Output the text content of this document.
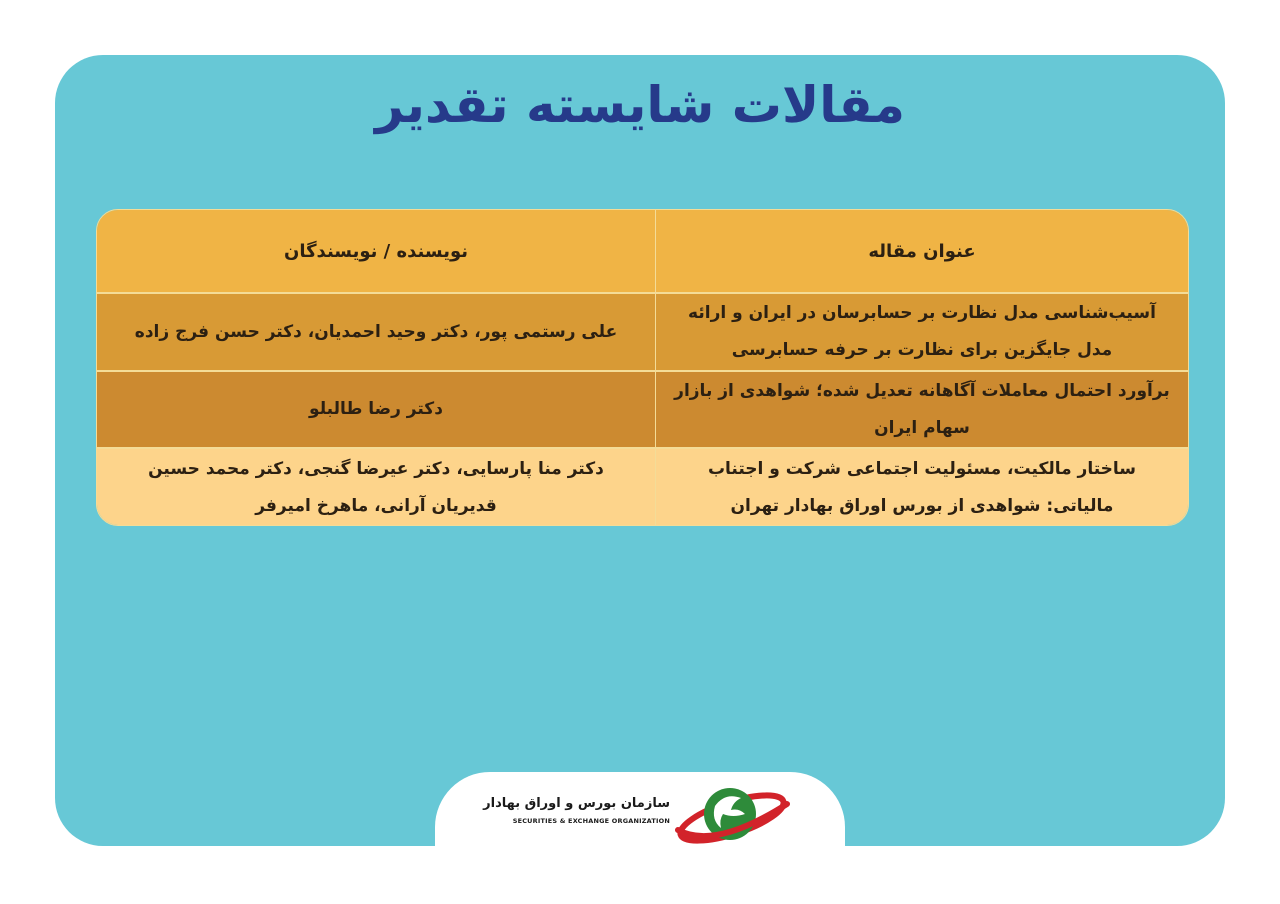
مقالات شایسته تقدیر
عنوان مقاله
نویسنده / نویسندگان
آسیب‌شناسی مدل نظارت بر حسابرسان در ایران و ارائه مدل جایگزین برای نظارت بر حرفه حسابرسی
علی رستمی پور، دکتر وحید احمدیان، دکتر حسن فرج زاده
برآورد احتمال معاملات آگاهانه تعدیل شده؛ شواهدی از بازار سهام ایران
دکتر رضا طالبلو
ساختار مالکیت، مسئولیت اجتماعی شرکت و اجتناب مالیاتی: شواهدی از بورس اوراق بهادار تهران
دکتر منا پارسایی، دکتر عیرضا گنجی، دکتر محمد حسین قدیریان آرانی، ماهرخ امیرفر
سازمان بورس و اوراق بهادار
SECURITIES & EXCHANGE ORGANIZATION
